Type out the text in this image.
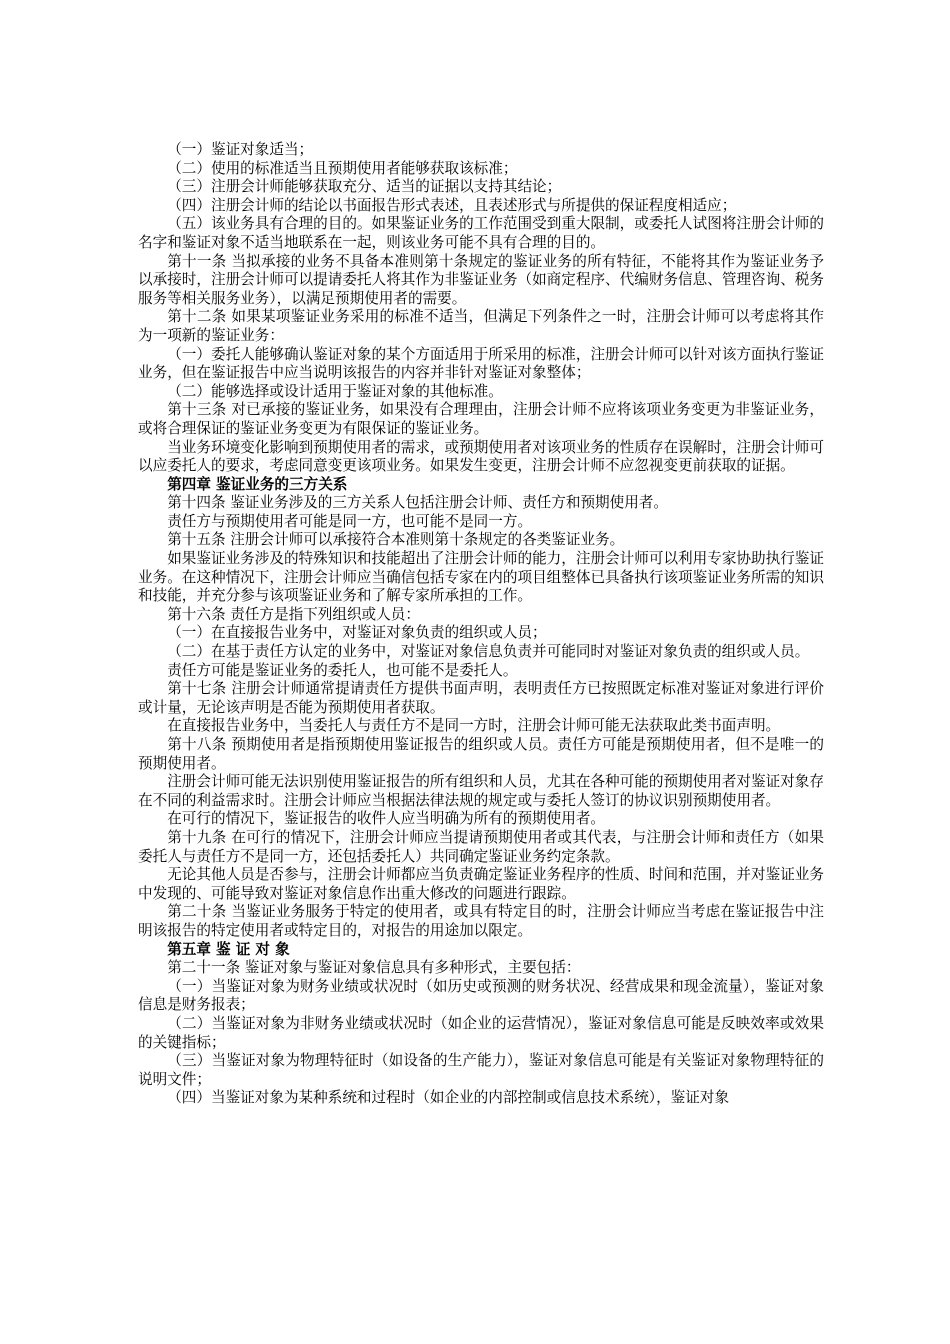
（一）鉴证对象适当；

（二）使用的标准适当且预期使用者能够获取该标准；

（三）注册会计师能够获取充分、适当的证据以支持其结论；

（四）注册会计师的结论以书面报告形式表述，且表述形式与所提供的保证程度相适应；

（五）该业务具有合理的目的。如果鉴证业务的工作范围受到重大限制，或委托人试图将注册会计师的名字和鉴证对象不适当地联系在一起，则该业务可能不具有合理的目的。

第十一条 当拟承接的业务不具备本准则第十条规定的鉴证业务的所有特征，不能将其作为鉴证业务予以承接时，注册会计师可以提请委托人将其作为非鉴证业务（如商定程序、代编财务信息、管理咨询、税务服务等相关服务业务），以满足预期使用者的需要。

第十二条 如果某项鉴证业务采用的标准不适当，但满足下列条件之一时，注册会计师可以考虑将其作为一项新的鉴证业务：

（一）委托人能够确认鉴证对象的某个方面适用于所采用的标准，注册会计师可以针对该方面执行鉴证业务，但在鉴证报告中应当说明该报告的内容并非针对鉴证对象整体；

（二）能够选择或设计适用于鉴证对象的其他标准。

第十三条 对已承接的鉴证业务，如果没有合理理由，注册会计师不应将该项业务变更为非鉴证业务，或将合理保证的鉴证业务变更为有限保证的鉴证业务。

当业务环境变化影响到预期使用者的需求，或预期使用者对该项业务的性质存在误解时，注册会计师可以应委托人的要求，考虑同意变更该项业务。如果发生变更，注册会计师不应忽视变更前获取的证据。

第四章 鉴证业务的三方关系

第十四条 鉴证业务涉及的三方关系人包括注册会计师、责任方和预期使用者。

责任方与预期使用者可能是同一方，也可能不是同一方。

第十五条 注册会计师可以承接符合本准则第十条规定的各类鉴证业务。

如果鉴证业务涉及的特殊知识和技能超出了注册会计师的能力，注册会计师可以利用专家协助执行鉴证业务。在这种情况下，注册会计师应当确信包括专家在内的项目组整体已具备执行该项鉴证业务所需的知识和技能，并充分参与该项鉴证业务和了解专家所承担的工作。

第十六条 责任方是指下列组织或人员：

（一）在直接报告业务中，对鉴证对象负责的组织或人员；

（二）在基于责任方认定的业务中，对鉴证对象信息负责并可能同时对鉴证对象负责的组织或人员。

责任方可能是鉴证业务的委托人，也可能不是委托人。

第十七条 注册会计师通常提请责任方提供书面声明，表明责任方已按照既定标准对鉴证对象进行评价或计量，无论该声明是否能为预期使用者获取。

在直接报告业务中，当委托人与责任方不是同一方时，注册会计师可能无法获取此类书面声明。

第十八条 预期使用者是指预期使用鉴证报告的组织或人员。责任方可能是预期使用者，但不是唯一的预期使用者。

注册会计师可能无法识别使用鉴证报告的所有组织和人员，尤其在各种可能的预期使用者对鉴证对象存在不同的利益需求时。注册会计师应当根据法律法规的规定或与委托人签订的协议识别预期使用者。

在可行的情况下，鉴证报告的收件人应当明确为所有的预期使用者。

第十九条 在可行的情况下，注册会计师应当提请预期使用者或其代表，与注册会计师和责任方（如果委托人与责任方不是同一方，还包括委托人）共同确定鉴证业务约定条款。

无论其他人员是否参与，注册会计师都应当负责确定鉴证业务程序的性质、时间和范围，并对鉴证业务中发现的、可能导致对鉴证对象信息作出重大修改的问题进行跟踪。

第二十条 当鉴证业务服务于特定的使用者，或具有特定目的时，注册会计师应当考虑在鉴证报告中注明该报告的特定使用者或特定目的，对报告的用途加以限定。

第五章 鉴 证 对 象

第二十一条 鉴证对象与鉴证对象信息具有多种形式，主要包括：

（一）当鉴证对象为财务业绩或状况时（如历史或预测的财务状况、经营成果和现金流量），鉴证对象信息是财务报表；

（二）当鉴证对象为非财务业绩或状况时（如企业的运营情况），鉴证对象信息可能是反映效率或效果的关键指标；

（三）当鉴证对象为物理特征时（如设备的生产能力），鉴证对象信息可能是有关鉴证对象物理特征的说明文件；

（四）当鉴证对象为某种系统和过程时（如企业的内部控制或信息技术系统），鉴证对象
